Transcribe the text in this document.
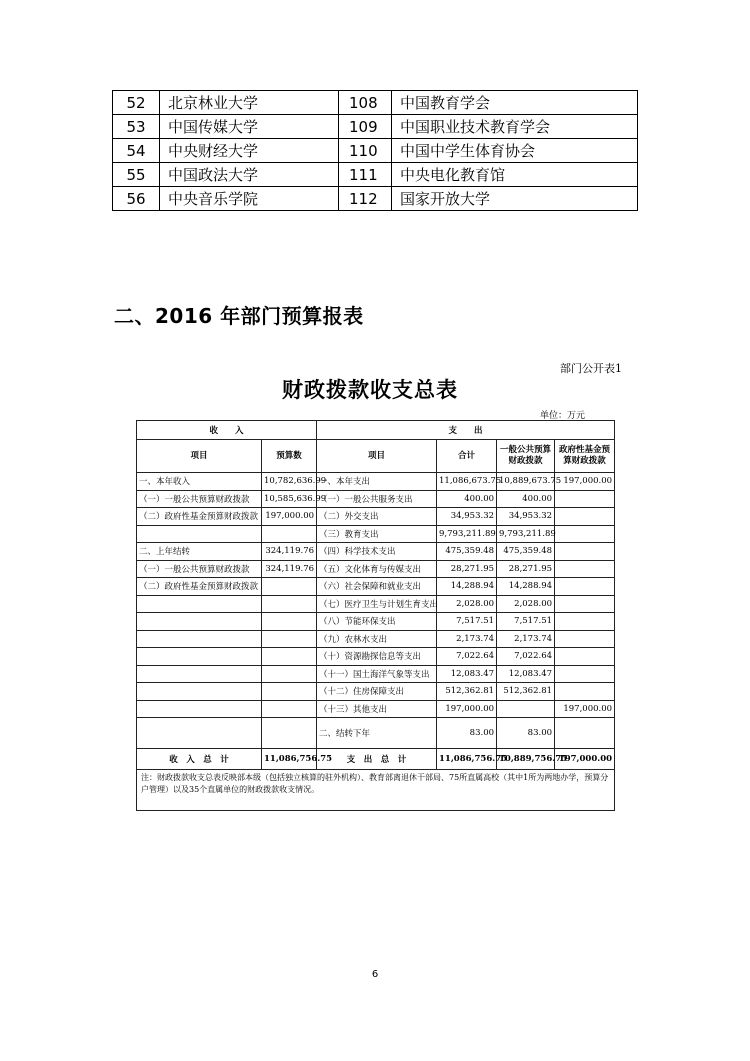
52	北京林业大学	108	中国教育学会
53	中国传媒大学	109	中国职业技术教育学会
54	中央财经大学	110	中国中学生体育协会
55	中国政法大学	111	中央电化教育馆
56	中央音乐学院	112	国家开放大学
二、2016 年部门预算报表
部门公开表1
财政拨款收支总表
单位：万元
收　　入		支　　出			
项目	预算数	项目	合计	一般公共预算财政拨款	政府性基金预算财政拨款
一、本年收入	10,782,636.99	一、本年支出	11,086,673.75	10,889,673.75	197,000.00
（一）一般公共预算财政拨款	10,585,636.99	（一）一般公共服务支出	400.00	400.00	
（二）政府性基金预算财政拨款	197,000.00	（二）外交支出	34,953.32	34,953.32	
		（三）教育支出	9,793,211.89	9,793,211.89	
二、上年结转	324,119.76	（四）科学技术支出	475,359.48	475,359.48	
（一）一般公共预算财政拨款	324,119.76	（五）文化体育与传媒支出	28,271.95	28,271.95	
（二）政府性基金预算财政拨款		（六）社会保障和就业支出	14,288.94	14,288.94	
		（七）医疗卫生与计划生育支出	2,028.00	2,028.00	
		（八）节能环保支出	7,517.51	7,517.51	
		（九）农林水支出	2,173.74	2,173.74	
		（十）资源勘探信息等支出	7,022.64	7,022.64	
		（十一）国土海洋气象等支出	12,083.47	12,083.47	
		（十二）住房保障支出	512,362.81	512,362.81	
		（十三）其他支出	197,000.00		197,000.00
		二、结转下年	83.00	83.00	
收　入　总　计	11,086,756.75	支　出　总　计	11,086,756.75	10,889,756.75	197,000.00
注：财政拨款收支总表反映部本级（包括独立核算的驻外机构）、教育部离退休干部局、75所直属高校（其中1所为两地办学，预算分户管理）以及35个直属单位的财政拨款收支情况。					
6
